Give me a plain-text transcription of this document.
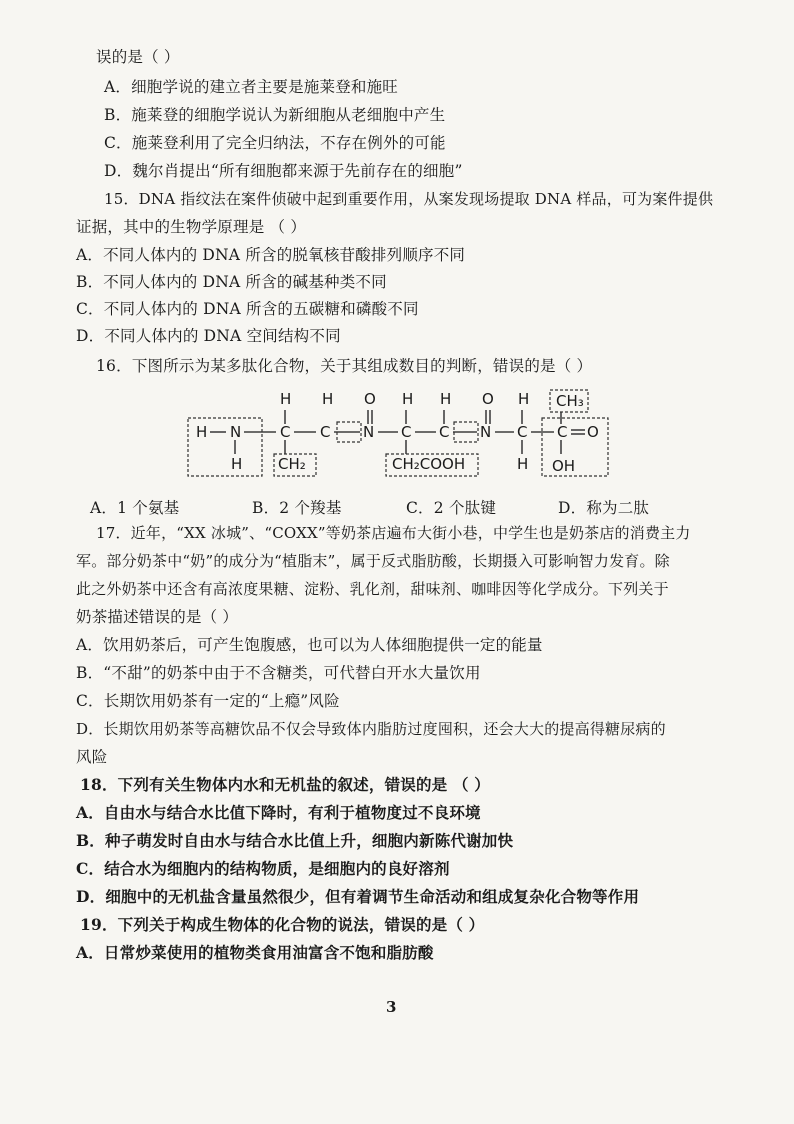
误的是（ ）
A．细胞学说的建立者主要是施莱登和施旺
B．施莱登的细胞学说认为新细胞从老细胞中产生
C．施莱登利用了完全归纳法，不存在例外的可能
D．魏尔肖提出“所有细胞都来源于先前存在的细胞”
15．DNA 指纹法在案件侦破中起到重要作用，从案发现场提取 DNA 样品，可为案件提供
证据，其中的生物学原理是 （ ）
A．不同人体内的 DNA 所含的脱氧核苷酸排列顺序不同
B．不同人体内的 DNA 所含的碱基种类不同
C．不同人体内的 DNA 所含的五碳糖和磷酸不同
D．不同人体内的 DNA 空间结构不同
16．下图所示为某多肽化合物，关于其组成数目的判断，错误的是（ ）
H H O H H O H CH₃
H N	C C N C C N C C O
H CH₂	CH₂COOH	H OH
A．1 个氨基	B．2 个羧基	C．2 个肽键	D．称为二肽
17．近年，“XX 冰城”、“COXX”等奶茶店遍布大街小巷，中学生也是奶茶店的消费主力
军。部分奶茶中“奶”的成分为“植脂末”，属于反式脂肪酸，长期摄入可影响智力发育。除
此之外奶茶中还含有高浓度果糖、淀粉、乳化剂，甜味剂、咖啡因等化学成分。下列关于
奶茶描述错误的是（ ）
A．饮用奶茶后，可产生饱腹感，也可以为人体细胞提供一定的能量
B．“不甜”的奶茶中由于不含糖类，可代替白开水大量饮用
C．长期饮用奶茶有一定的“上瘾”风险
D．长期饮用奶茶等高糖饮品不仅会导致体内脂肪过度囤积，还会大大的提高得糖尿病的
风险
18．下列有关生物体内水和无机盐的叙述，错误的是 （ ）
A．自由水与结合水比值下降时，有利于植物度过不良环境
B．种子萌发时自由水与结合水比值上升，细胞内新陈代谢加快
C．结合水为细胞内的结构物质，是细胞内的良好溶剂
D．细胞中的无机盐含量虽然很少，但有着调节生命活动和组成复杂化合物等作用
19．下列关于构成生物体的化合物的说法，错误的是（ ）
A．日常炒菜使用的植物类食用油富含不饱和脂肪酸
3
